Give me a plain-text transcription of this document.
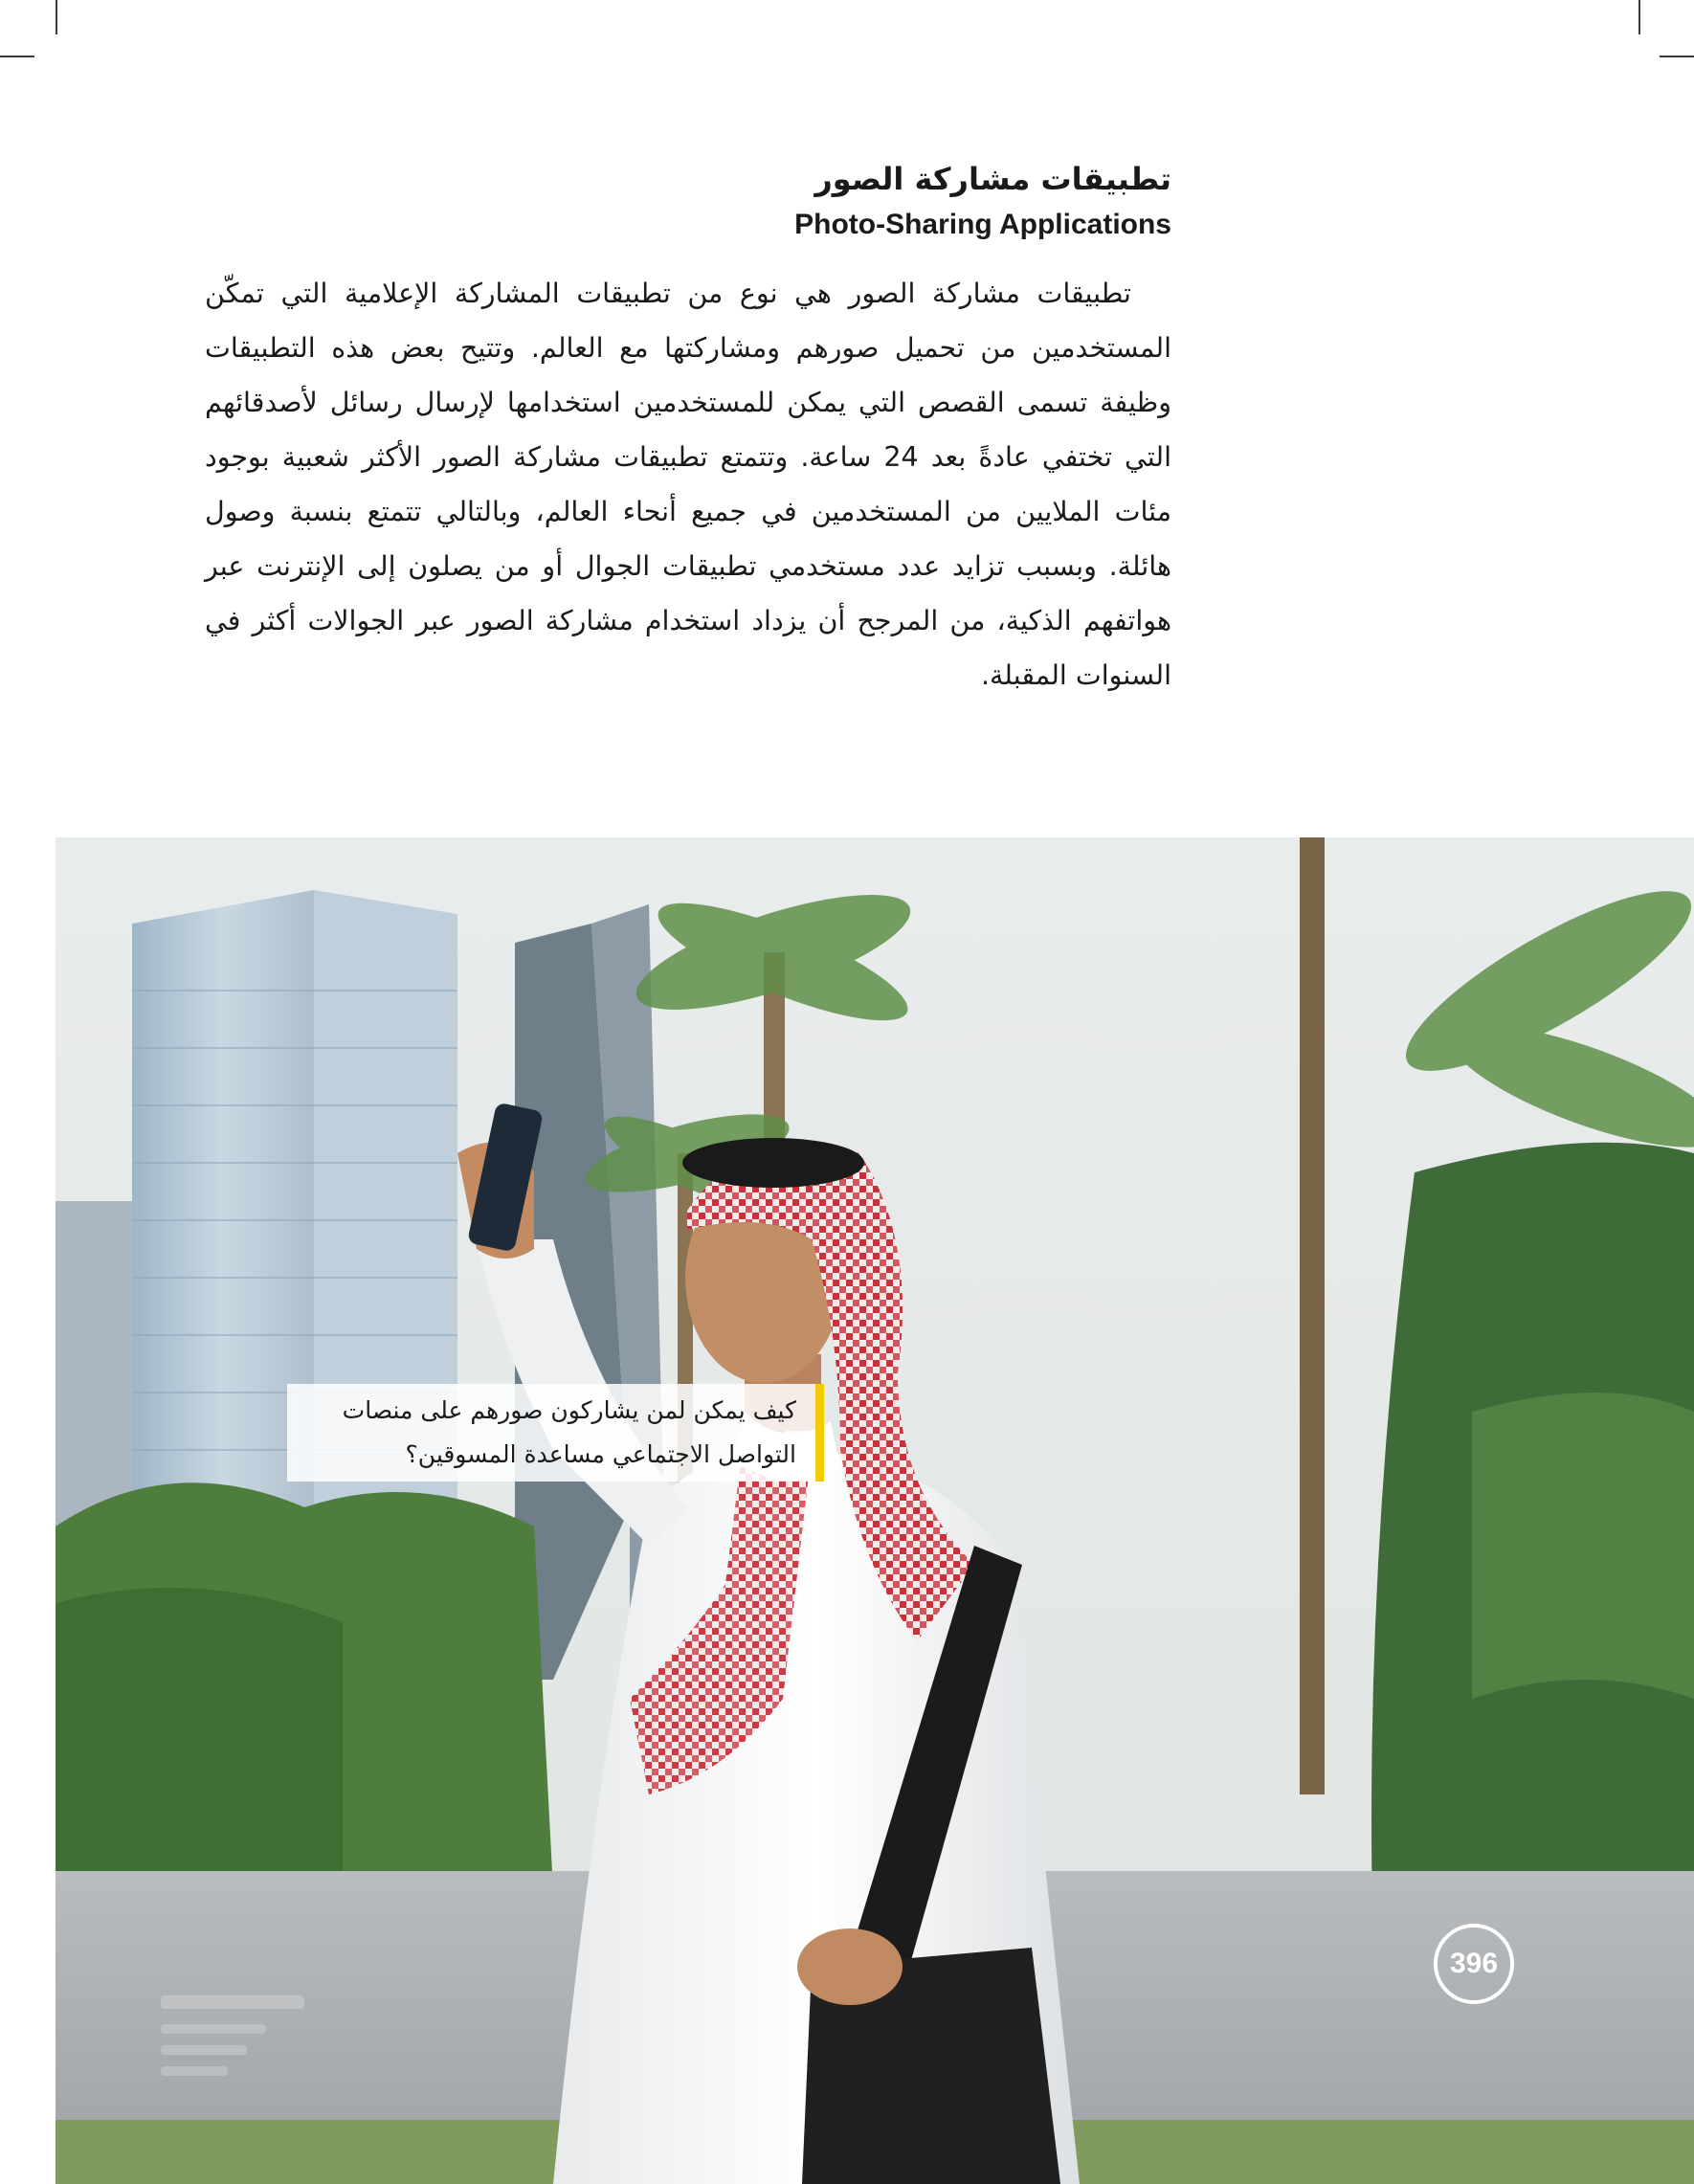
تطبيقات مشاركة الصور
Photo-Sharing Applications
تطبيقات مشاركة الصور هي نوع من تطبيقات المشاركة الإعلامية التي تمكّن المستخدمين من تحميل صورهم ومشاركتها مع العالم. وتتيح بعض هذه التطبيقات وظيفة تسمى القصص التي يمكن للمستخدمين استخدامها لإرسال رسائل لأصدقائهم التي تختفي عادةً بعد 24 ساعة. وتتمتع تطبيقات مشاركة الصور الأكثر شعبية بوجود مئات الملايين من المستخدمين في جميع أنحاء العالم، وبالتالي تتمتع بنسبة وصول هائلة. وبسبب تزايد عدد مستخدمي تطبيقات الجوال أو من يصلون إلى الإنترنت عبر هواتفهم الذكية، من المرجح أن يزداد استخدام مشاركة الصور عبر الجوالات أكثر في السنوات المقبلة.
كيف يمكن لمن يشاركون صورهم على منصات التواصل الاجتماعي مساعدة المسوقين؟
396
